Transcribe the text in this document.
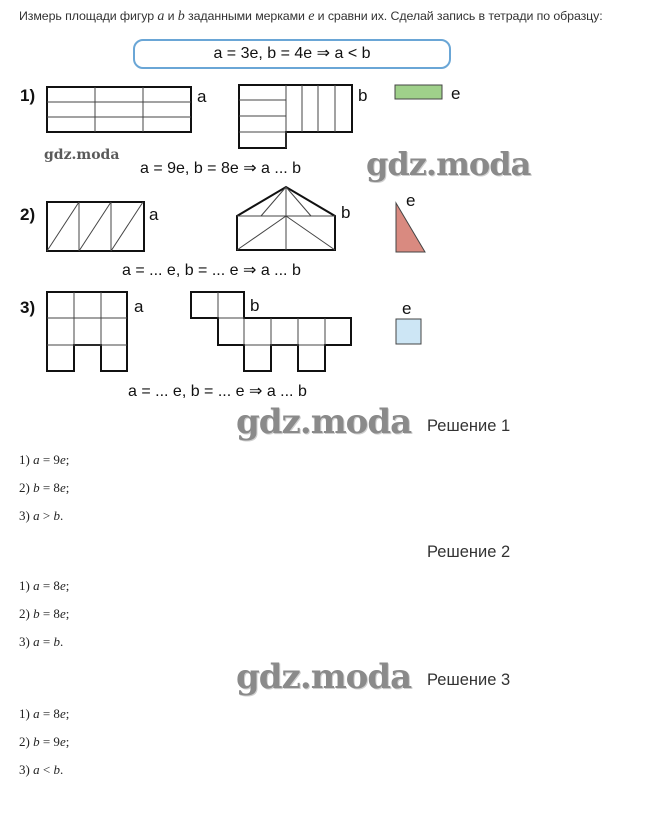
Измерь площади фигур a и b заданными мерками e и сравни их. Сделай запись в тетради по образцу:
a = 3e, b = 4e ⇒ a < b
1)	a	b	e
gdz.moda
a = 9e, b = 8e ⇒ a ... b gdz.moda
2)	a	b
e
a = ... e, b = ... e ⇒ a ... b
3)	a	b	e
a = ... e, b = ... e ⇒ a ... b
gdz.moda Решение 1
1) a = 9e;
2) b = 8e;
3) a > b.
Решение 2
1) a = 8e;
2) b = 8e;
3) a = b.
gdz.moda Решение 3
1) a = 8e;
2) b = 9e;
3) a < b.
